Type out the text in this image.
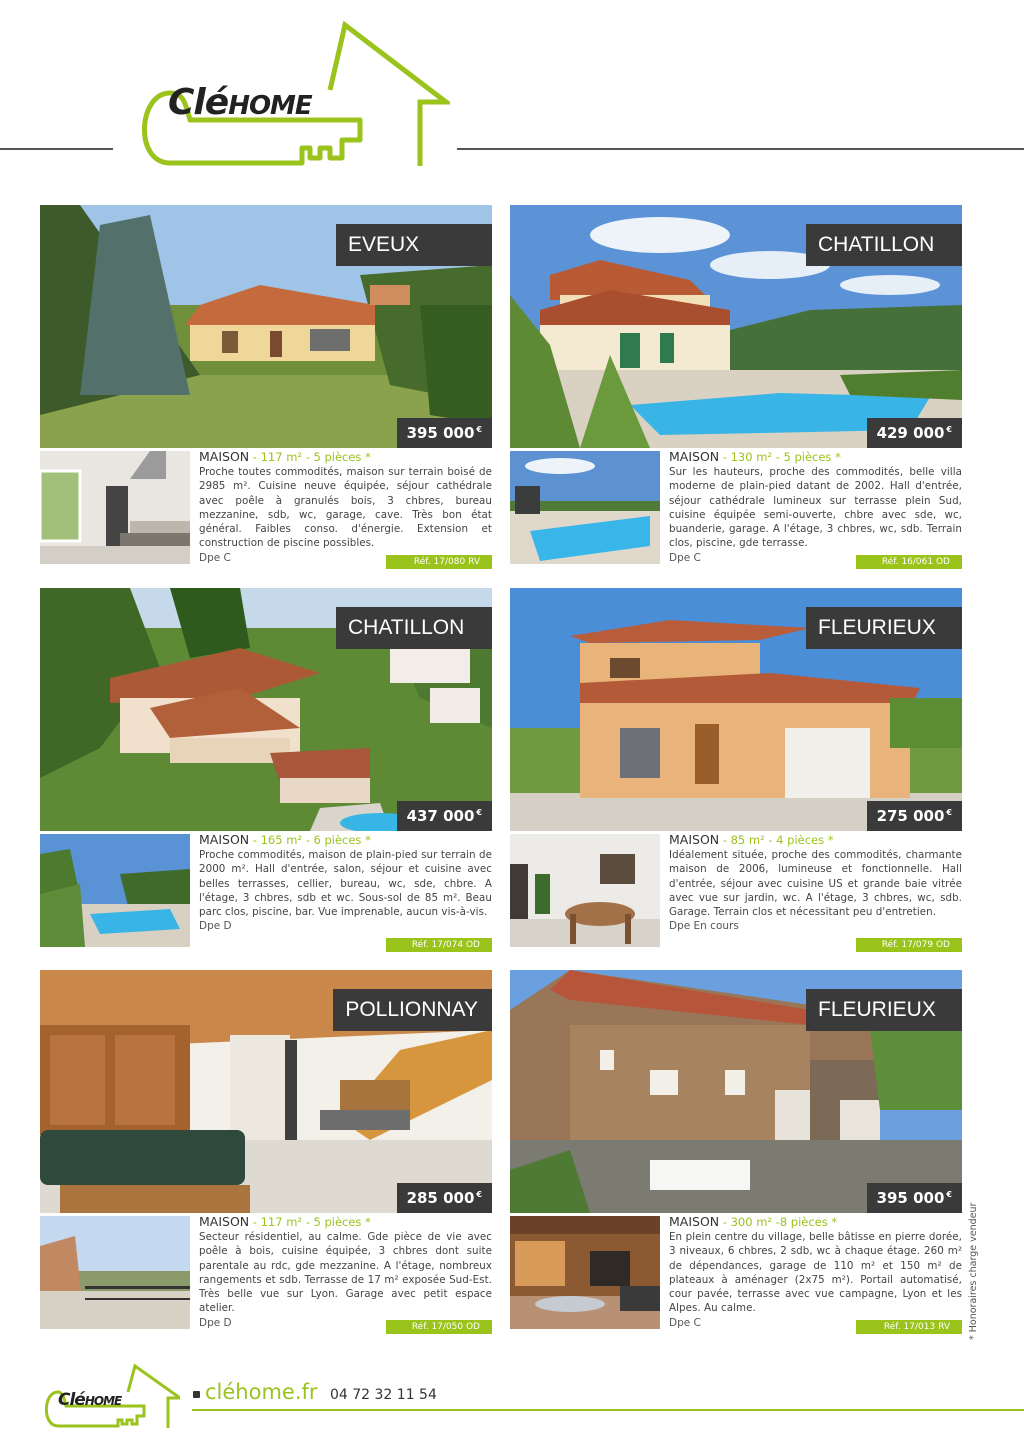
CléHOME
EVEUX
395 000 €
MAISON - 117 m² - 5 pièces *
Proche toutes commodités, maison sur terrain boisé de 2985 m². Cuisine neuve équipée, séjour cathédrale avec poêle à granulés bois, 3 chbres, bureau mezzanine, sdb, wc, garage, cave. Très bon état général. Faibles conso. d'énergie. Extension et construction de piscine possibles.
Dpe C	Réf. 17/080 RV
CHATILLON
429 000 €
MAISON - 130 m² - 5 pièces *
Sur les hauteurs, proche des commodités, belle villa moderne de plain-pied datant de 2002. Hall d'entrée, séjour cathédrale lumineux sur terrasse plein Sud, cuisine équipée semi-ouverte, chbre avec sde, wc, buanderie, garage. A l'étage, 3 chbres, wc, sdb. Terrain clos, piscine, gde terrasse.
Dpe C	Réf. 16/061 OD
CHATILLON
437 000 €
MAISON - 165 m² - 6 pièces *
Proche commodités, maison de plain-pied sur terrain de 2000 m². Hall d'entrée, salon, séjour et cuisine avec belles terrasses, cellier, bureau, wc, sde, chbre. A l'étage, 3 chbres, sdb et wc. Sous-sol de 85 m². Beau parc clos, piscine, bar. Vue imprenable, aucun vis-à-vis.
Dpe D
Réf. 17/074 OD
FLEURIEUX
275 000 €
MAISON - 85 m² - 4 pièces *
Idéalement située, proche des commodités, charmante maison de 2006, lumineuse et fonctionnelle. Hall d'entrée, séjour avec cuisine US et grande baie vitrée avec vue sur jardin, wc. A l'étage, 3 chbres, wc, sdb. Garage. Terrain clos et nécessitant peu d'entretien.
Dpe En cours
Réf. 17/079 OD
POLLIONNAY
285 000 €
MAISON - 117 m² - 5 pièces *
Secteur résidentiel, au calme. Gde pièce de vie avec poêle à bois, cuisine équipée, 3 chbres dont suite parentale au rdc, gde mezzanine. A l'étage, nombreux rangements et sdb. Terrasse de 17 m² exposée Sud-Est. Très belle vue sur Lyon. Garage avec petit espace atelier.
Dpe D	Réf. 17/050 OD
FLEURIEUX
395 000 €
MAISON - 300 m² -8 pièces *
En plein centre du village, belle bâtisse en pierre dorée, 3 niveaux, 6 chbres, 2 sdb, wc à chaque étage. 260 m² de dépendances, garage de 110 m² et 150 m² de plateaux à aménager (2x75 m²). Portail automatisé, cour pavée, terrasse avec vue campagne, Lyon et les Alpes. Au calme.
Dpe C	Réf. 17/013 RV	* Honoraires charge vendeur
CléHOME	cléhome.fr 04 72 32 11 54
